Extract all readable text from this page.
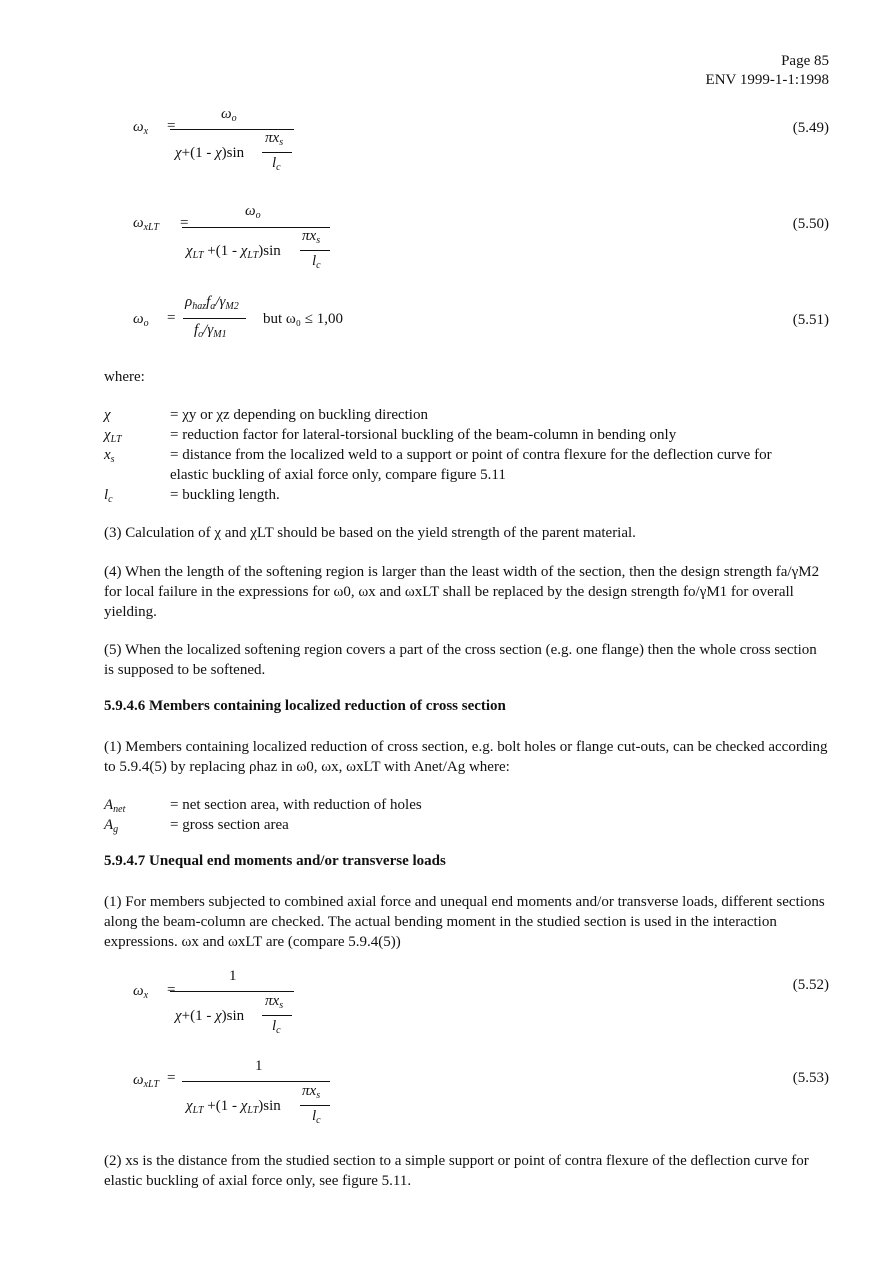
Page 85
ENV 1999-1-1:1998
$\omega_x$ =
$\omega_o$
χ+(1 - χ)sin
$\pi x_s$
$l_c$
(5.49)
$\omega_{xLT}$ =
$\omega_o$
$\chi_{LT} +(1 - \chi_{LT})\sin$
$\pi x_s$
$l_c$
(5.50)
$\omega_o$ =
$\rho_{haz}f_a/\gamma_{M2}$
$f_o/\gamma_{M1}$
but ω₀ ≤ 1,00	(5.51)
where:
χ	= χy or χz depending on buckling direction
$\chi_{LT}$	= reduction factor for lateral-torsional buckling of the beam-column in bending only
$x_s$	= distance from the localized weld to a support or point of contra flexure for the deflection curve for elastic buckling of axial force only, compare figure 5.11
$l_c$	= buckling length.
(3) Calculation of χ and χLT should be based on the yield strength of the parent material.
(4) When the length of the softening region is larger than the least width of the section, then the design strength fa/γM2 for local failure in the expressions for ω0, ωx and ωxLT shall be replaced by the design strength fo/γM1 for overall yielding.
(5) When the localized softening region covers a part of the cross section (e.g. one flange) then the whole cross section is supposed to be softened.
5.9.4.6 Members containing localized reduction of cross section
(1) Members containing localized reduction of cross section, e.g. bolt holes or flange cut-outs, can be checked according to 5.9.4(5) by replacing ρhaz in ω0, ωx, ωxLT with Anet/Ag where:
$A_{net}$	= net section area, with reduction of holes
$A_g$	= gross section area
5.9.4.7 Unequal end moments and/or transverse loads
(1) For members subjected to combined axial force and unequal end moments and/or transverse loads, different sections along the beam-column are checked. The actual bending moment in the studied section is used in the interaction expressions. ωx and ωxLT are (compare 5.9.4(5))
$\omega_x$ =
1
χ+(1 - χ)sin
$\pi x_s$
$l_c$
(5.52)
$\omega_{xLT}$ =
1
$\chi_{LT} +(1 - \chi_{LT})\sin$
$\pi x_s$
$l_c$
(5.53)
(2) xs is the distance from the studied section to a simple support or point of contra flexure of the deflection curve for elastic buckling of axial force only, see figure 5.11.
